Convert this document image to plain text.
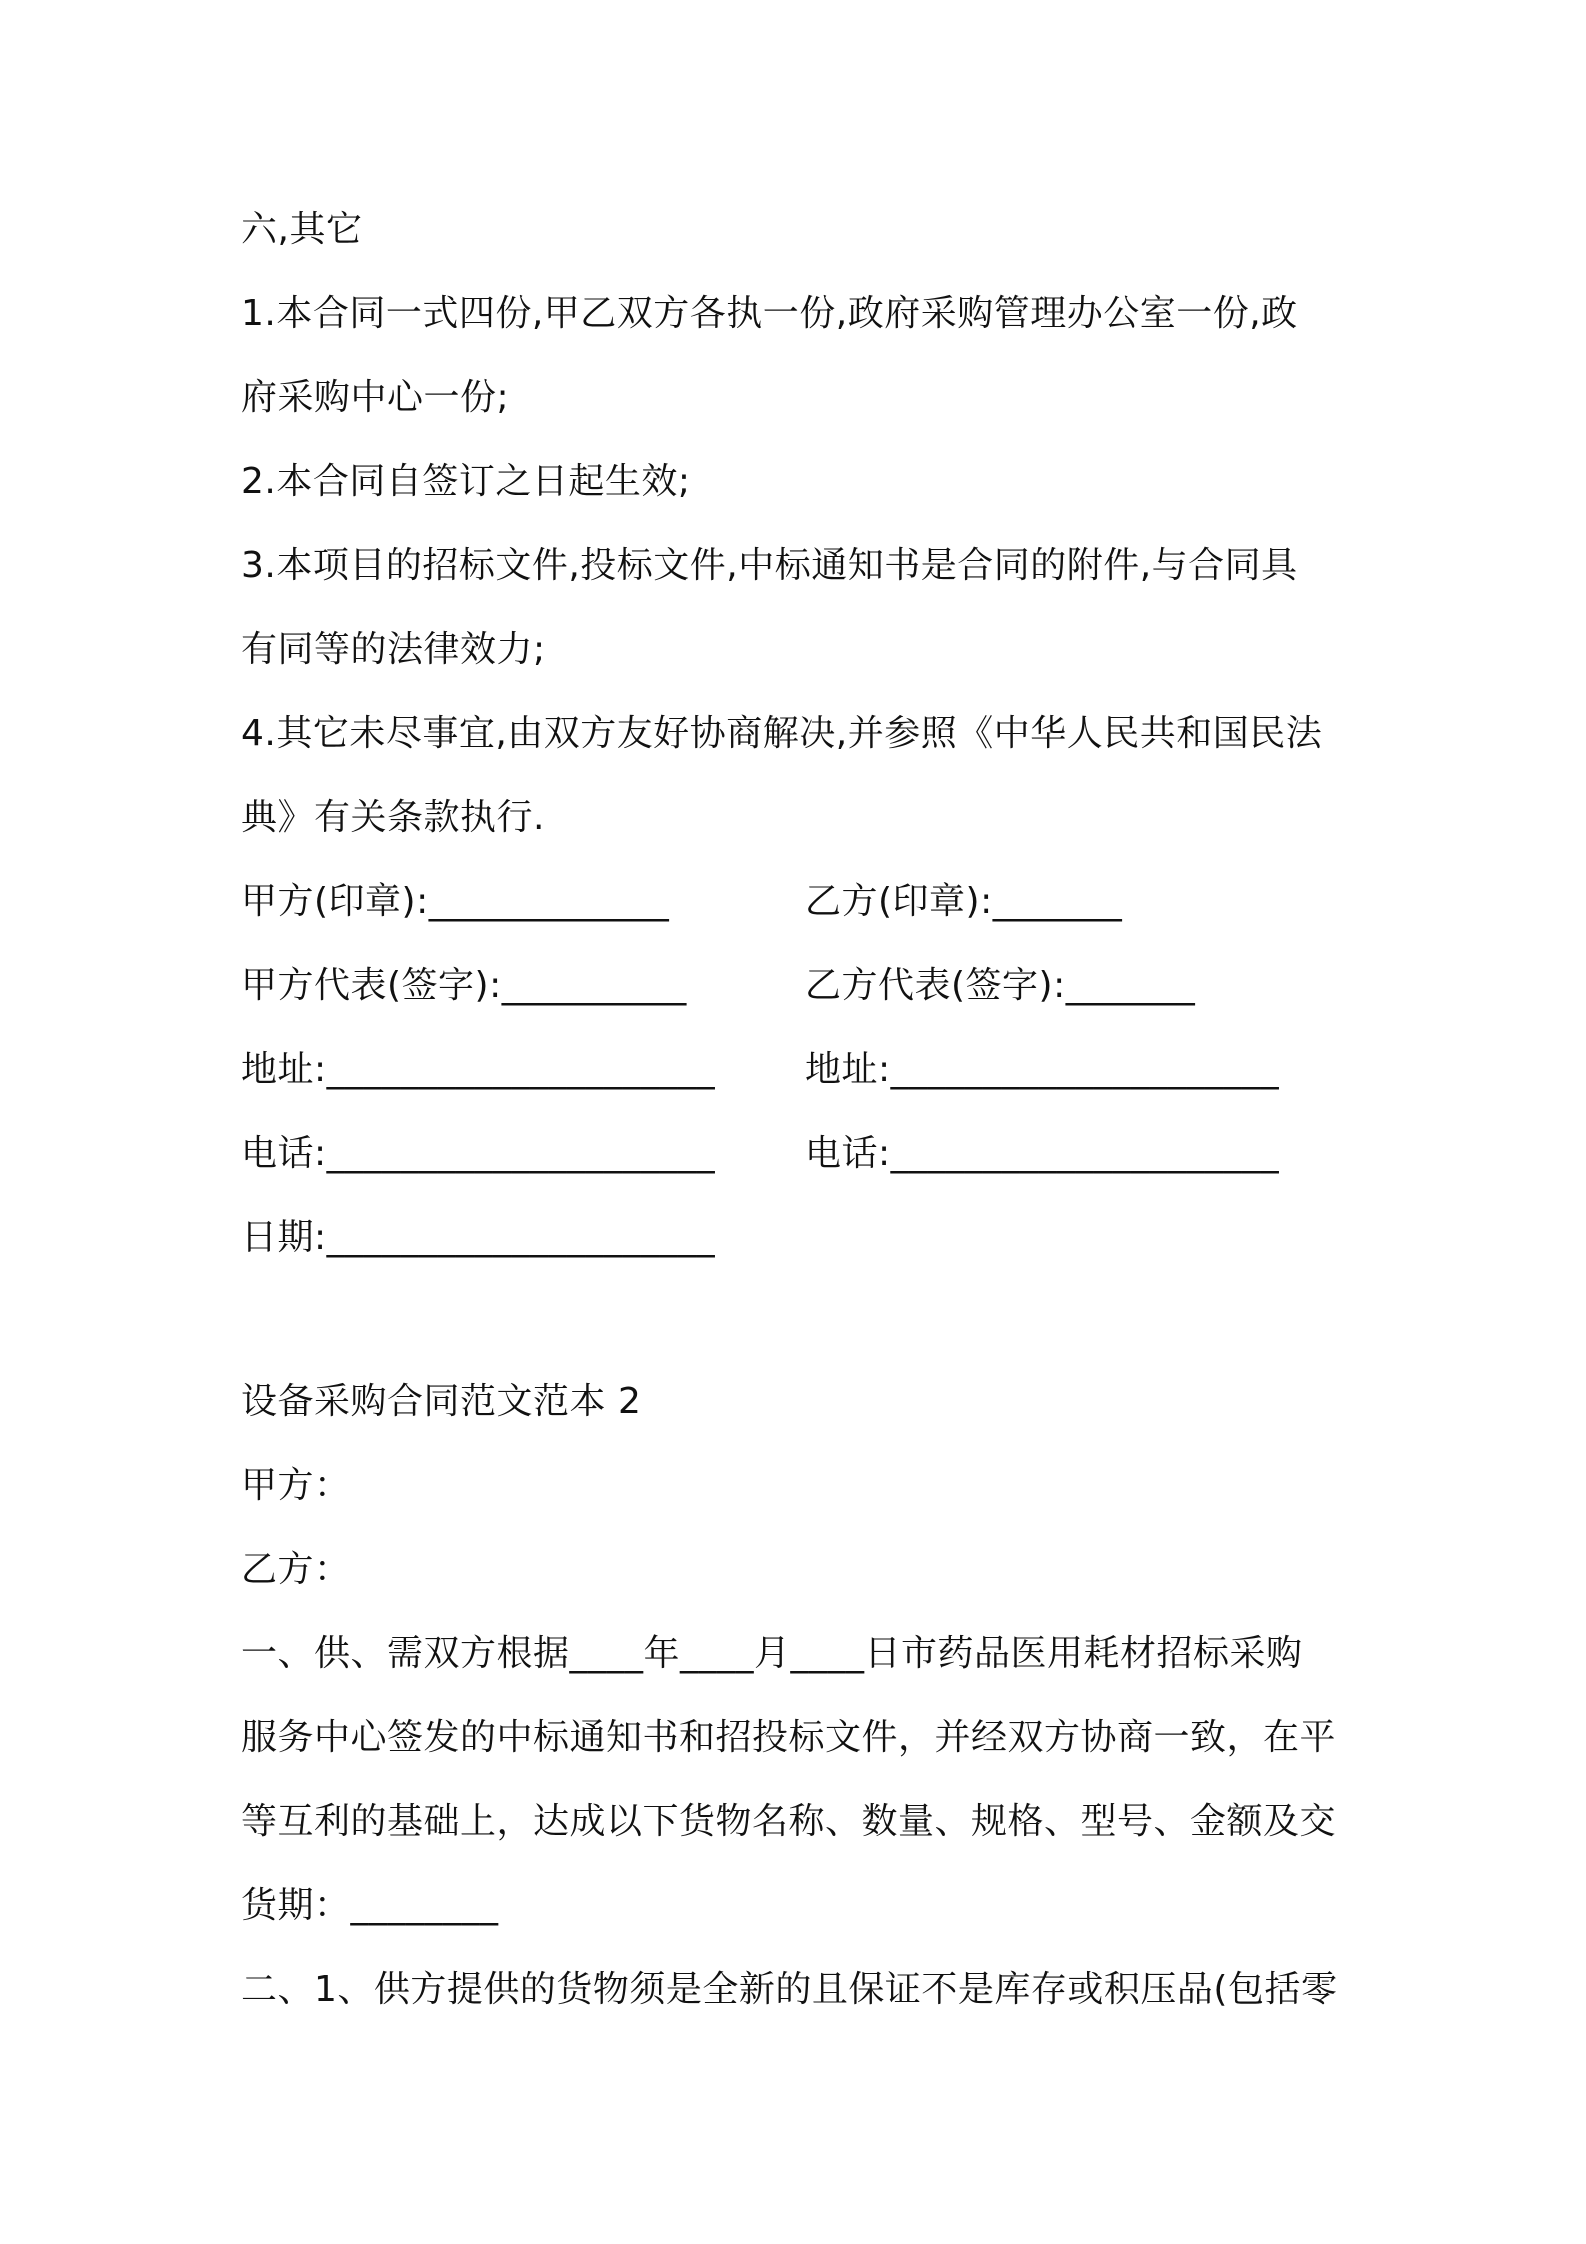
六,其它
1.本合同一式四份,甲乙双方各执一份,政府采购管理办公室一份,政
府采购中心一份;
2.本合同自签订之日起生效;
3.本项目的招标文件,投标文件,中标通知书是合同的附件,与合同具
有同等的法律效力;
4.其它未尽事宜,由双方友好协商解决,并参照《中华人民共和国民法
典》有关条款执行.
甲方(印章):_____________	乙方(印章):_______
甲方代表(签字):__________	乙方代表(签字):_______
地址:_____________________	地址:_____________________
电话:_____________________	电话:_____________________
日期:_____________________
设备采购合同范文范本 2
甲方：
乙方：
一、供、需双方根据____年____月____日市药品医用耗材招标采购
服务中心签发的中标通知书和招投标文件，并经双方协商一致，在平
等互利的基础上，达成以下货物名称、数量、规格、型号、金额及交
货期：________
二、1、供方提供的货物须是全新的且保证不是库存或积压品(包括零
